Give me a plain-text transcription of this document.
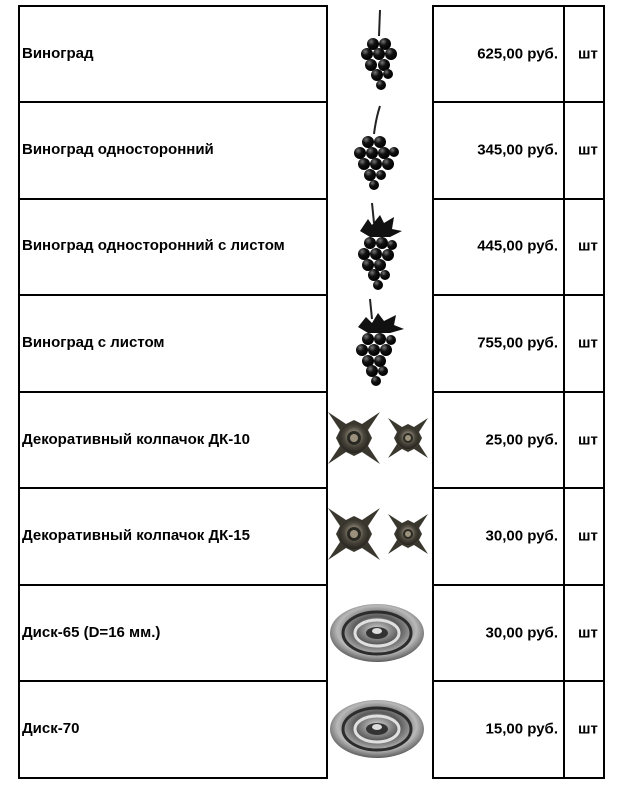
Виноград	625,00 руб. шт
Виноград односторонний	345,00 руб. шт
Виноград односторонний с листом	445,00 руб. шт
Виноград с листом	755,00 руб. шт
Декоративный колпачок ДК-10	25,00 руб. шт
Декоративный колпачок ДК-15	30,00 руб. шт
Диск-65 (D=16 мм.)	30,00 руб. шт
Диск-70	15,00 руб. шт
